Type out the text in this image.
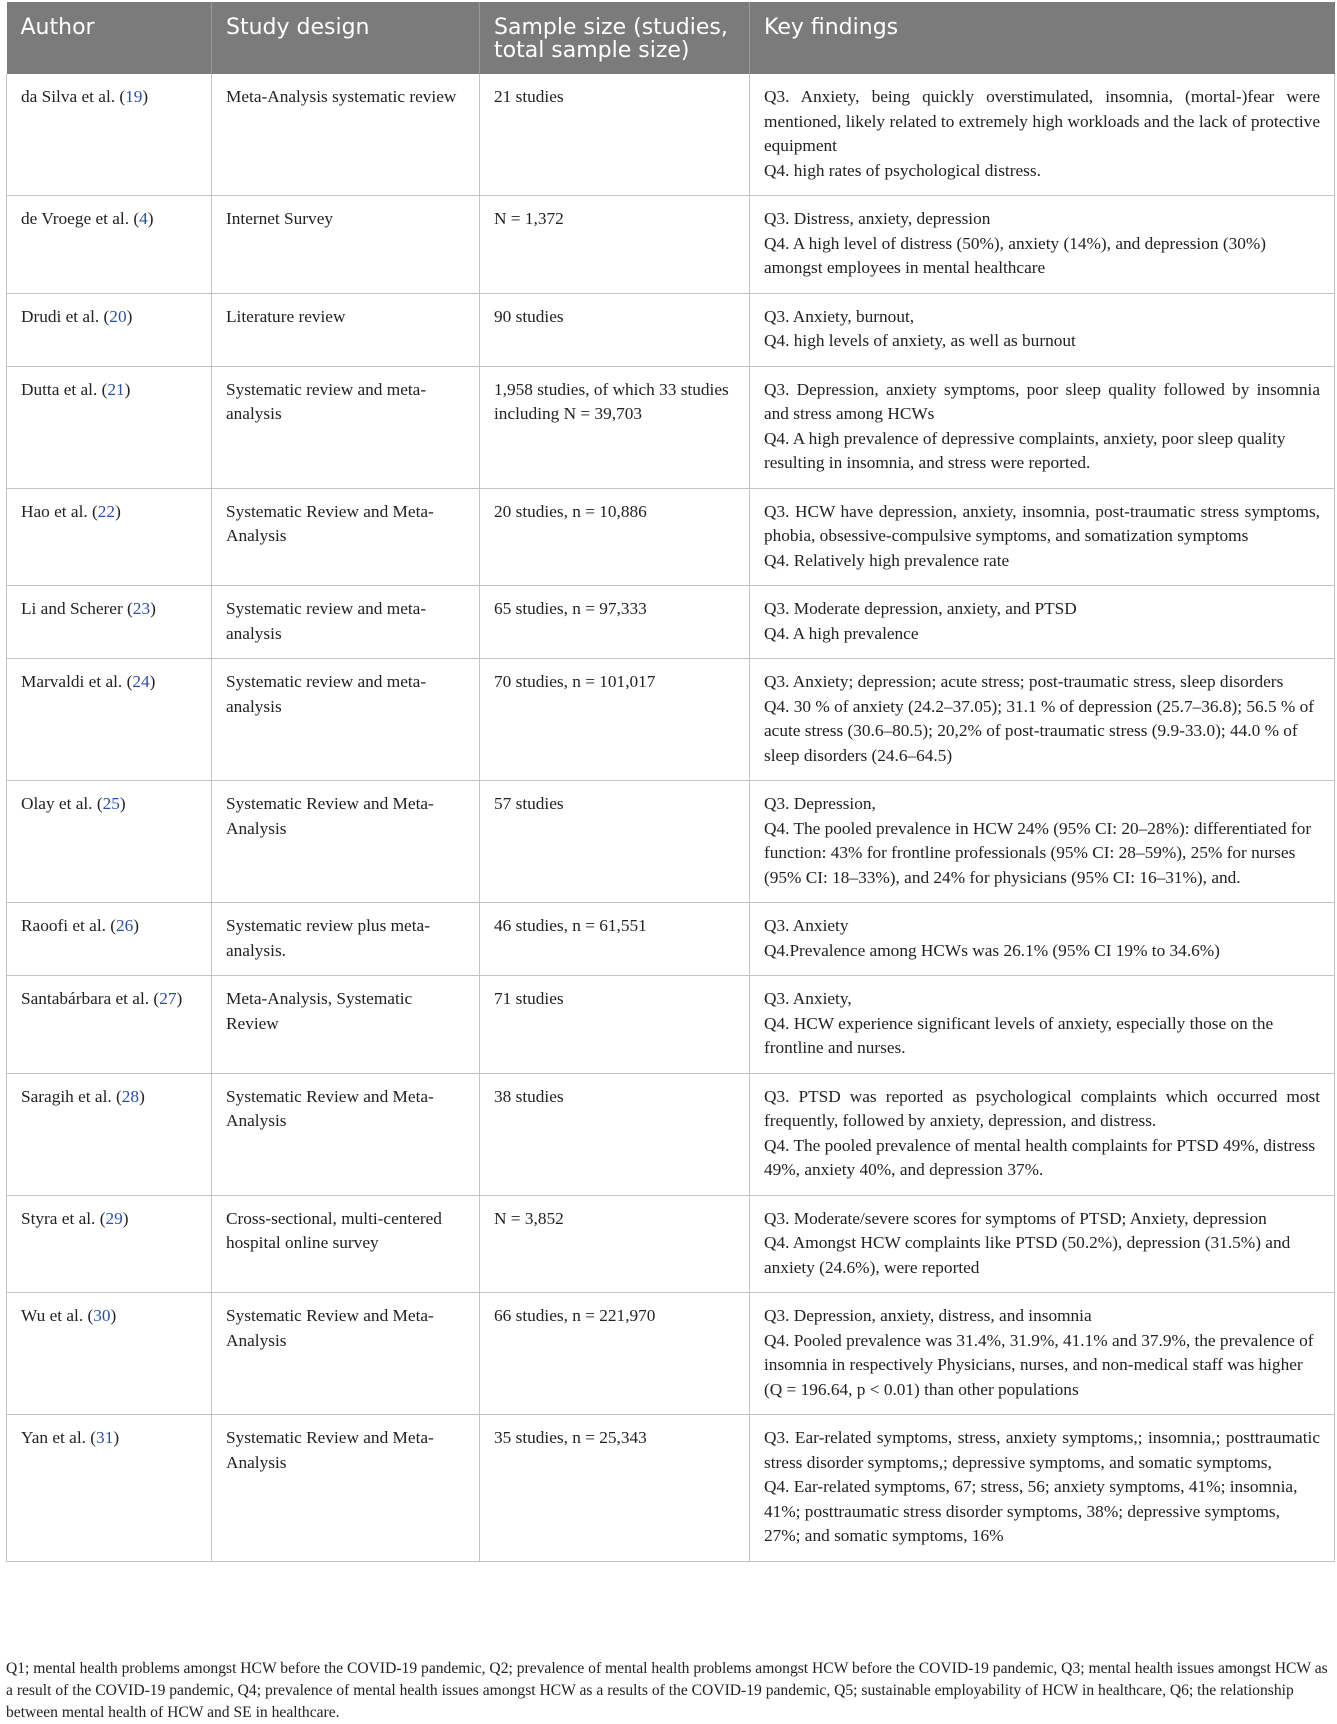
Author	Study design	Sample size (studies, total sample size)	Key findings
da Silva et al. (19)	Meta-Analysis systematic review	21 studies	Q3. Anxiety, being quickly overstimulated, insomnia, (mortal-)fear were mentioned, likely related to extremely high workloads and the lack of protective equipment
Q4. high rates of psychological distress.

de Vroege et al. (4)	Internet Survey	N = 1,372	Q3. Distress, anxiety, depression
Q4. A high level of distress (50%), anxiety (14%), and depression (30%) amongst employees in mental healthcare

Drudi et al. (20)	Literature review	90 studies	Q3. Anxiety, burnout,
Q4. high levels of anxiety, as well as burnout

Dutta et al. (21)	Systematic review and meta-analysis	1,958 studies, of which 33 studies including N = 39,703	Q3. Depression, anxiety symptoms, poor sleep quality followed by insomnia and stress among HCWs
Q4. A high prevalence of depressive complaints, anxiety, poor sleep quality resulting in insomnia, and stress were reported.

Hao et al. (22)	Systematic Review and Meta-Analysis	20 studies, n = 10,886	Q3. HCW have depression, anxiety, insomnia, post-traumatic stress symptoms, phobia, obsessive-compulsive symptoms, and somatization symptoms
Q4. Relatively high prevalence rate

Li and Scherer (23)	Systematic review and meta-analysis	65 studies, n = 97,333	Q3. Moderate depression, anxiety, and PTSD
Q4. A high prevalence

Marvaldi et al. (24)	Systematic review and meta-analysis	70 studies, n = 101,017	Q3. Anxiety; depression; acute stress; post-traumatic stress, sleep disorders
Q4. 30 % of anxiety (24.2–37.05); 31.1 % of depression (25.7–36.8); 56.5 % of acute stress (30.6–80.5); 20,2% of post-traumatic stress (9.9-33.0); 44.0 % of sleep disorders (24.6–64.5)

Olay et al. (25)	Systematic Review and Meta-Analysis	57 studies	Q3. Depression,
Q4. The pooled prevalence in HCW 24% (95% CI: 20–28%): differentiated for function: 43% for frontline professionals (95% CI: 28–59%), 25% for nurses (95% CI: 18–33%), and 24% for physicians (95% CI: 16–31%), and.

Raoofi et al. (26)	Systematic review plus meta-analysis.	46 studies, n = 61,551	Q3. Anxiety
Q4.Prevalence among HCWs was 26.1% (95% CI 19% to 34.6%)

Santabárbara et al. (27)	Meta-Analysis, Systematic Review	71 studies	Q3. Anxiety,
Q4. HCW experience significant levels of anxiety, especially those on the frontline and nurses.

Saragih et al. (28)	Systematic Review and Meta-Analysis	38 studies	Q3. PTSD was reported as psychological complaints which occurred most frequently, followed by anxiety, depression, and distress.
Q4. The pooled prevalence of mental health complaints for PTSD 49%, distress 49%, anxiety 40%, and depression 37%.

Styra et al. (29)	Cross-sectional, multi-centered hospital online survey	N = 3,852	Q3. Moderate/severe scores for symptoms of PTSD; Anxiety, depression
Q4. Amongst HCW complaints like PTSD (50.2%), depression (31.5%) and anxiety (24.6%), were reported

Wu et al. (30)	Systematic Review and Meta-Analysis	66 studies, n = 221,970	Q3. Depression, anxiety, distress, and insomnia
Q4. Pooled prevalence was 31.4%, 31.9%, 41.1% and 37.9%, the prevalence of insomnia in respectively Physicians, nurses, and non-medical staff was higher (Q = 196.64, p < 0.01) than other populations

Yan et al. (31)	Systematic Review and Meta-Analysis	35 studies, n = 25,343	Q3. Ear-related symptoms, stress, anxiety symptoms,; insomnia,; posttraumatic stress disorder symptoms,; depressive symptoms, and somatic symptoms,
Q4. Ear-related symptoms, 67; stress, 56; anxiety symptoms, 41%; insomnia, 41%; posttraumatic stress disorder symptoms, 38%; depressive symptoms, 27%; and somatic symptoms, 16%
Q1; mental health problems amongst HCW before the COVID-19 pandemic, Q2; prevalence of mental health problems amongst HCW before the COVID-19 pandemic, Q3; mental health issues amongst HCW as a result of the COVID-19 pandemic, Q4; prevalence of mental health issues amongst HCW as a results of the COVID-19 pandemic, Q5; sustainable employability of HCW in healthcare, Q6; the relationship between mental health of HCW and SE in healthcare.
